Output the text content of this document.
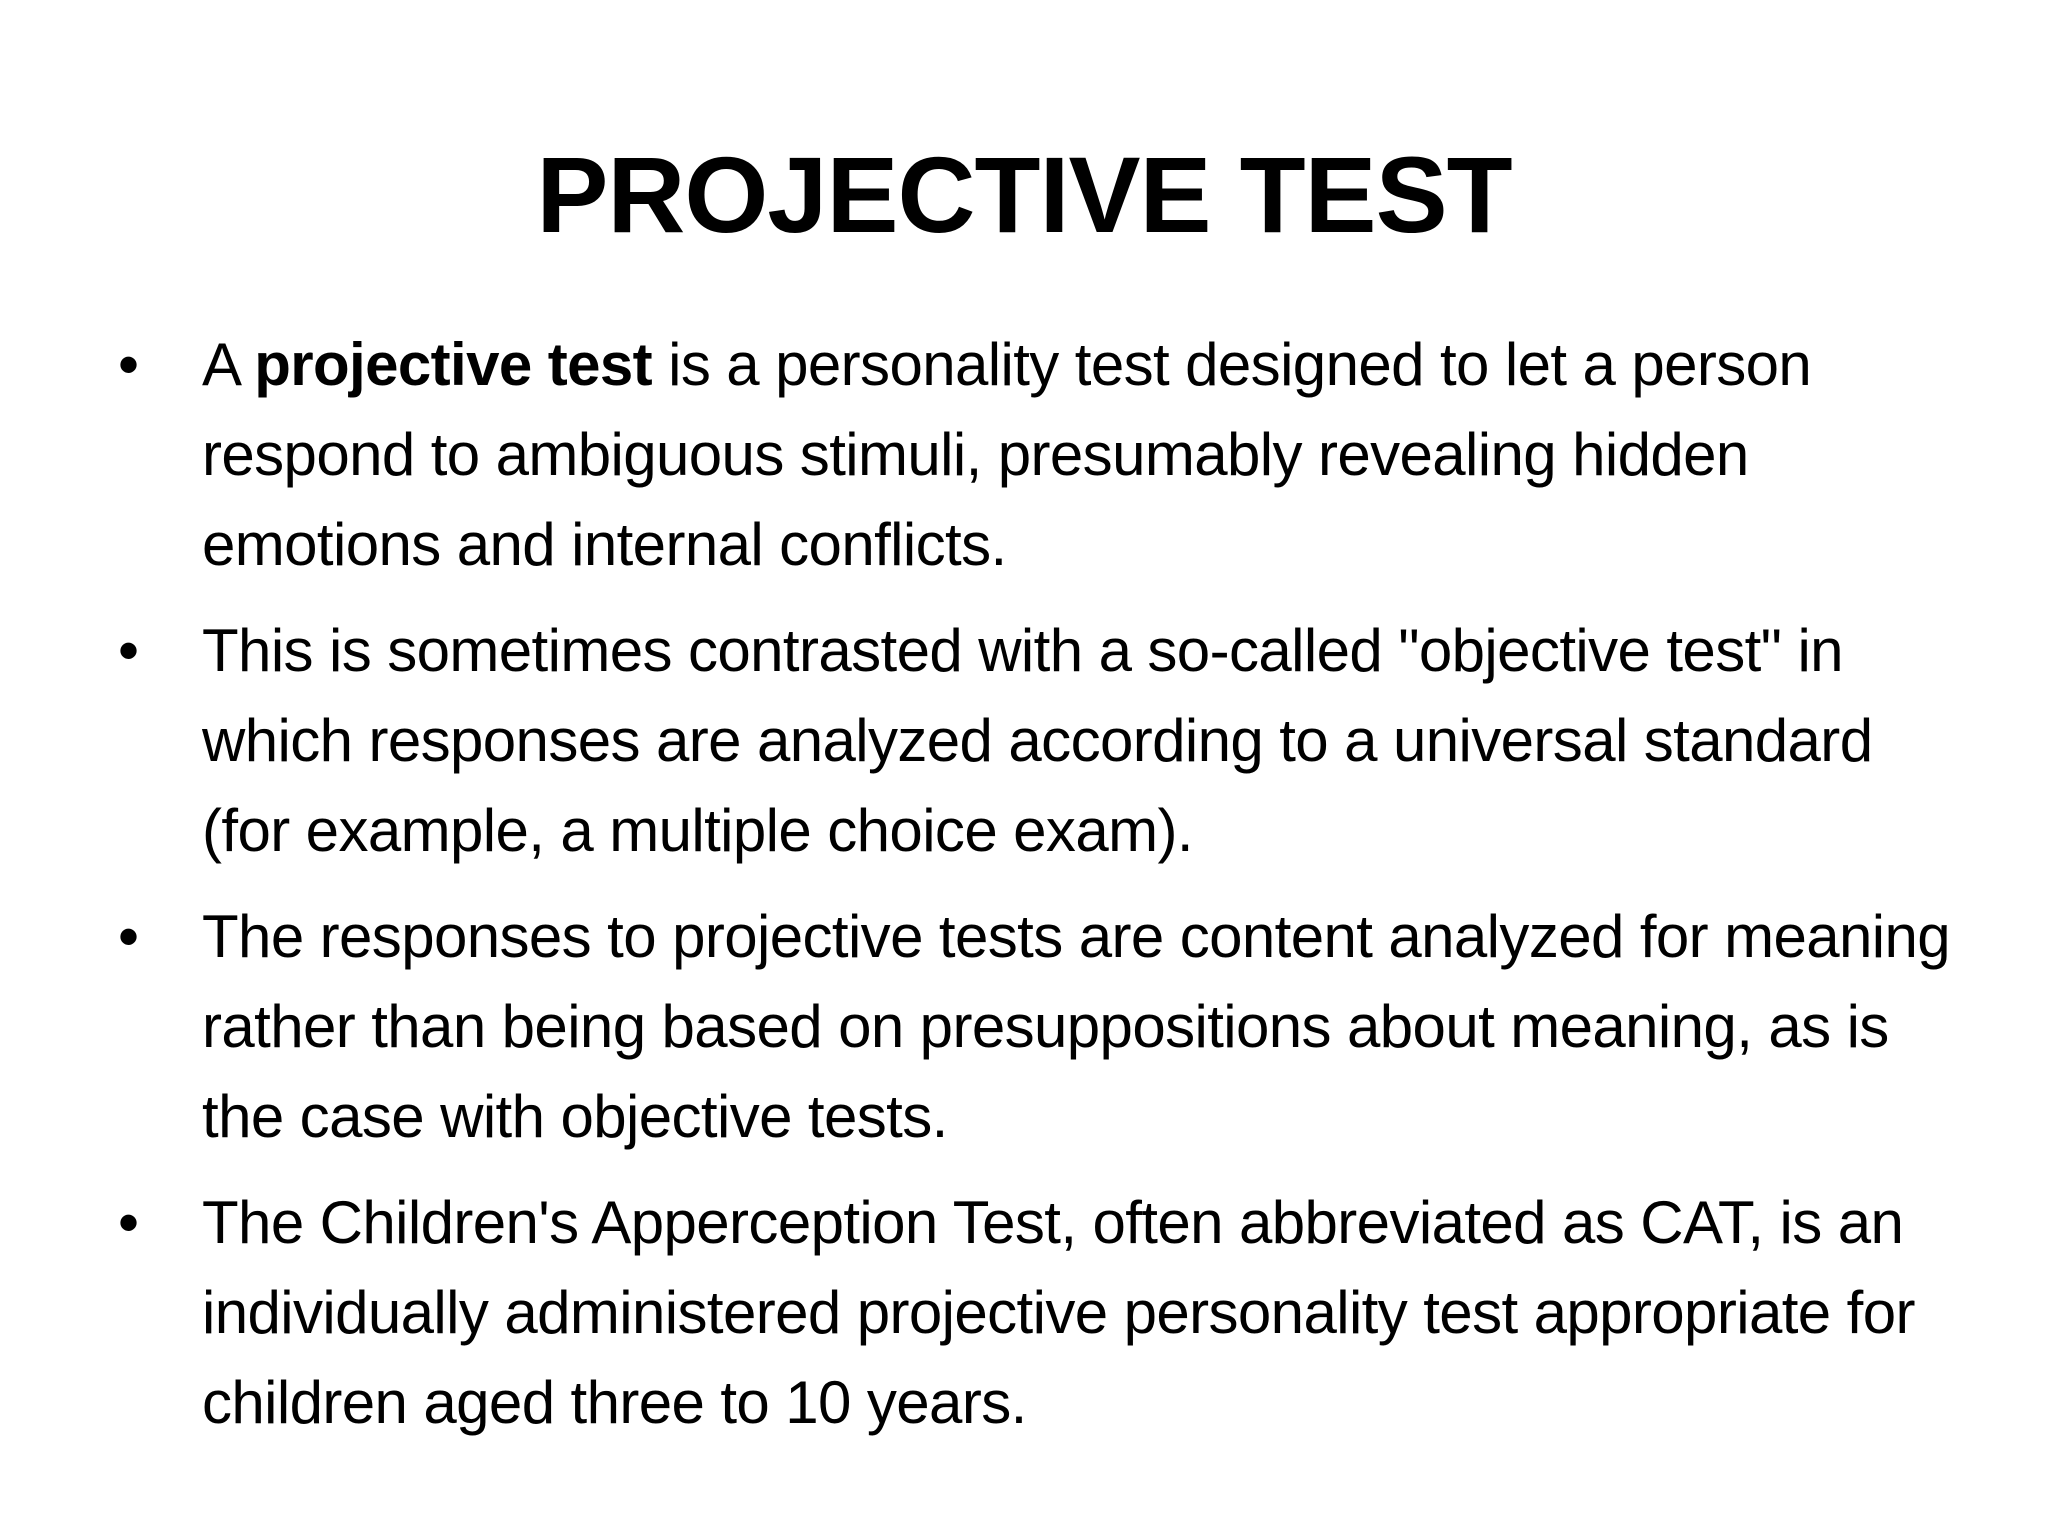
PROJECTIVE TEST
•	A projective test is a personality test designed to let a person respond to ambiguous stimuli, presumably revealing hidden emotions and internal conflicts.
•	This is sometimes contrasted with a so-called "objective test" in which responses are analyzed according to a universal standard (for example, a multiple choice exam).
•	The responses to projective tests are content analyzed for meaning rather than being based on presuppositions about meaning, as is the case with objective tests.
•	The Children's Apperception Test, often abbreviated as CAT, is an individually administered projective personality test appropriate for children aged three to 10 years.
